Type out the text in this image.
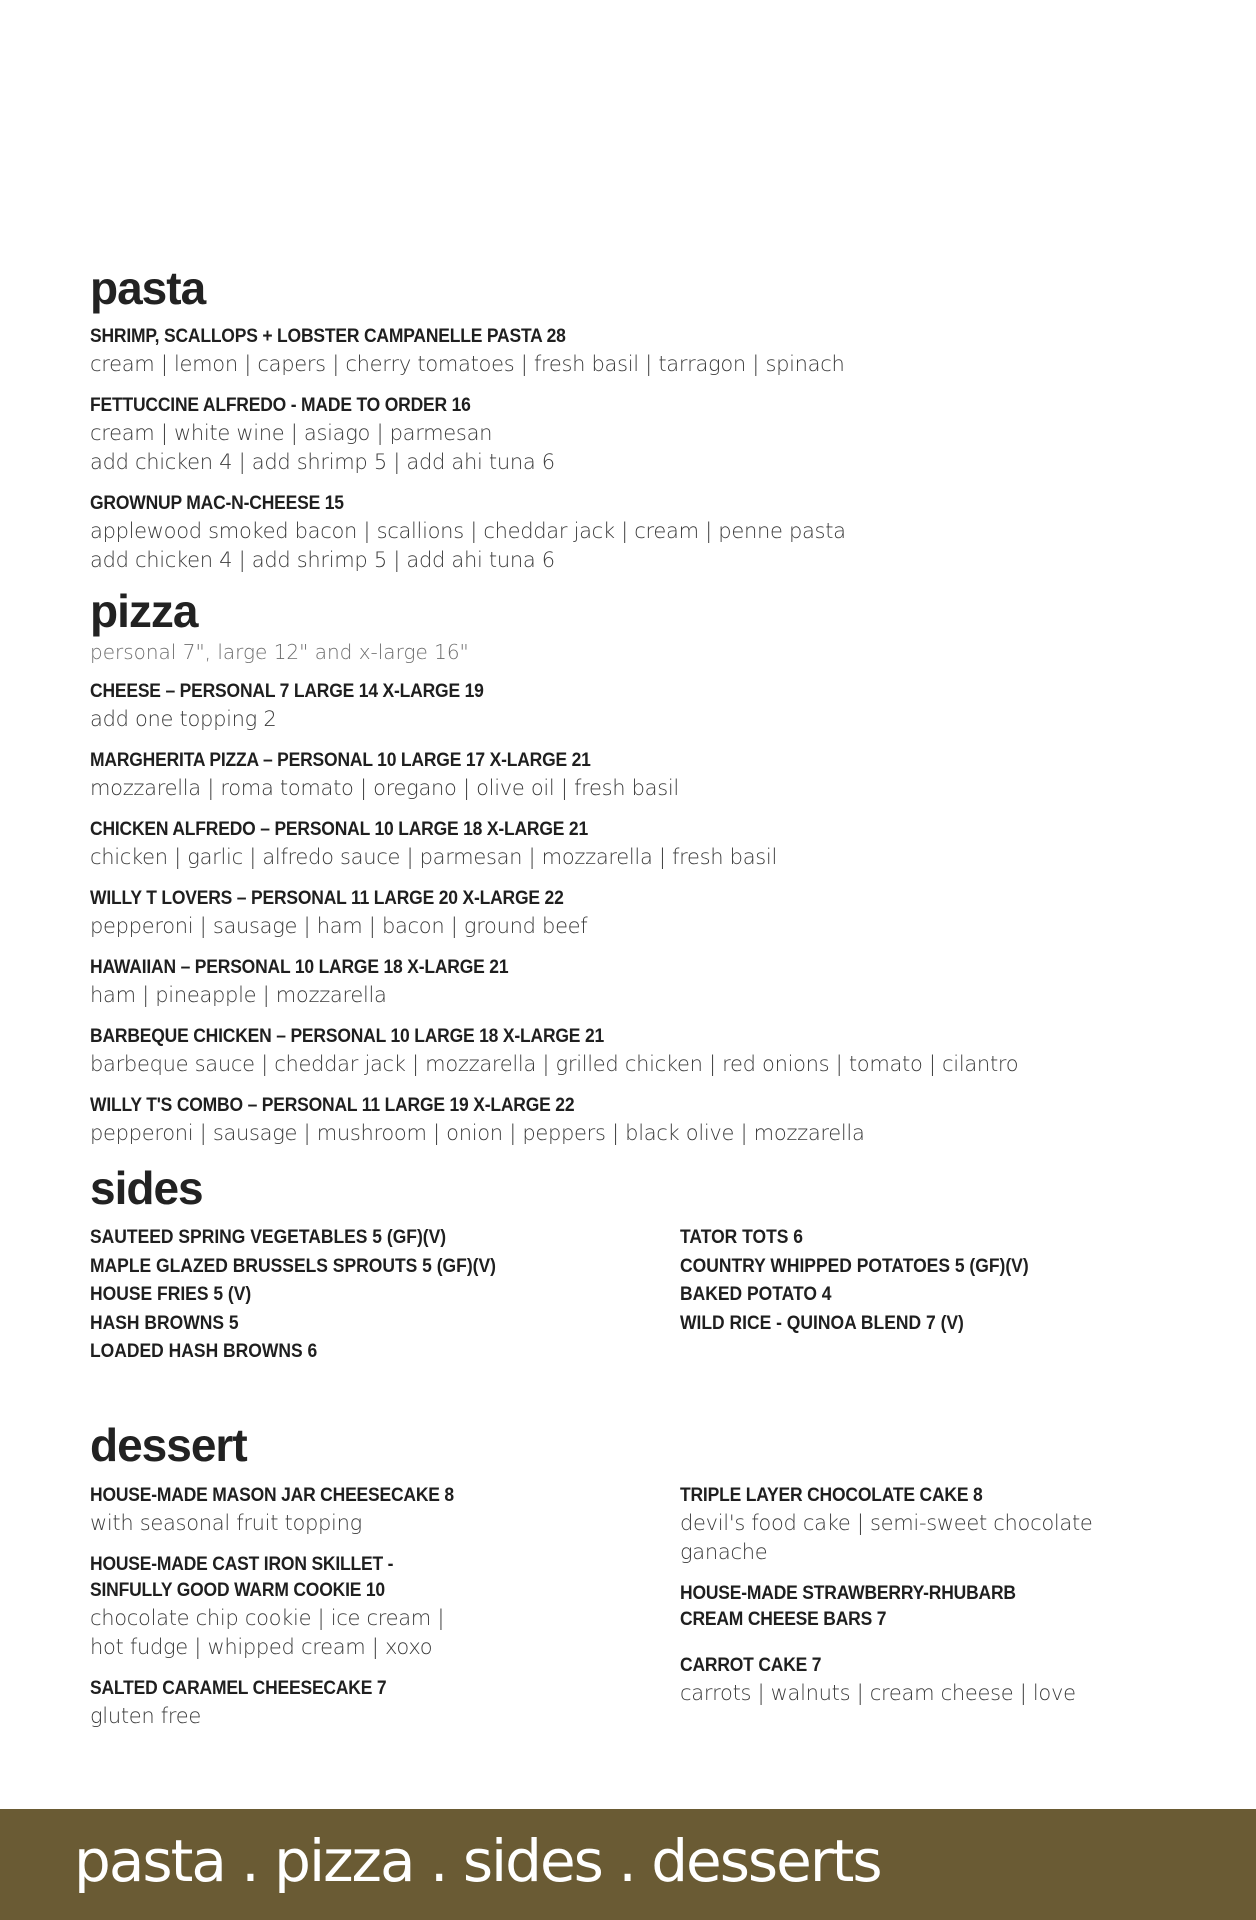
pasta
SHRIMP, SCALLOPS + LOBSTER CAMPANELLE PASTA 28
cream | lemon | capers | cherry tomatoes | fresh basil | tarragon | spinach
FETTUCCINE ALFREDO - MADE TO ORDER 16
cream | white wine | asiago | parmesan
add chicken 4 | add shrimp 5 | add ahi tuna 6
GROWNUP MAC-N-CHEESE 15
applewood smoked bacon | scallions | cheddar jack | cream | penne pasta
add chicken 4 | add shrimp 5 | add ahi tuna 6
pizza
personal 7", large 12" and x-large 16"
CHEESE – PERSONAL 7 LARGE 14 X-LARGE 19
add one topping 2
MARGHERITA PIZZA – PERSONAL 10 LARGE 17 X-LARGE 21
mozzarella | roma tomato | oregano | olive oil | fresh basil
CHICKEN ALFREDO – PERSONAL 10 LARGE 18 X-LARGE 21
chicken | garlic | alfredo sauce | parmesan | mozzarella | fresh basil
WILLY T LOVERS – PERSONAL 11 LARGE 20 X-LARGE 22
pepperoni | sausage | ham | bacon | ground beef
HAWAIIAN – PERSONAL 10 LARGE 18 X-LARGE 21
ham | pineapple | mozzarella
BARBEQUE CHICKEN – PERSONAL 10 LARGE 18 X-LARGE 21
barbeque sauce | cheddar jack | mozzarella | grilled chicken | red onions | tomato | cilantro
WILLY T'S COMBO – PERSONAL 11 LARGE 19 X-LARGE 22
pepperoni | sausage | mushroom | onion | peppers | black olive | mozzarella
sides
SAUTEED SPRING VEGETABLES 5 (GF)(V)
MAPLE GLAZED BRUSSELS SPROUTS 5 (GF)(V)
HOUSE FRIES 5 (V)
HASH BROWNS 5
LOADED HASH BROWNS 6
TATOR TOTS 6
COUNTRY WHIPPED POTATOES 5 (GF)(V)
BAKED POTATO 4
WILD RICE - QUINOA BLEND 7 (V)
dessert
HOUSE-MADE MASON JAR CHEESECAKE 8
with seasonal fruit topping
HOUSE-MADE CAST IRON SKILLET -
SINFULLY GOOD WARM COOKIE 10
chocolate chip cookie | ice cream |
hot fudge | whipped cream | xoxo
SALTED CARAMEL CHEESECAKE 7
gluten free
TRIPLE LAYER CHOCOLATE CAKE 8
devil's food cake | semi-sweet chocolate
ganache
HOUSE-MADE STRAWBERRY-RHUBARB
CREAM CHEESE BARS 7
CARROT CAKE 7
carrots | walnuts | cream cheese | love
pasta . pizza . sides . desserts
